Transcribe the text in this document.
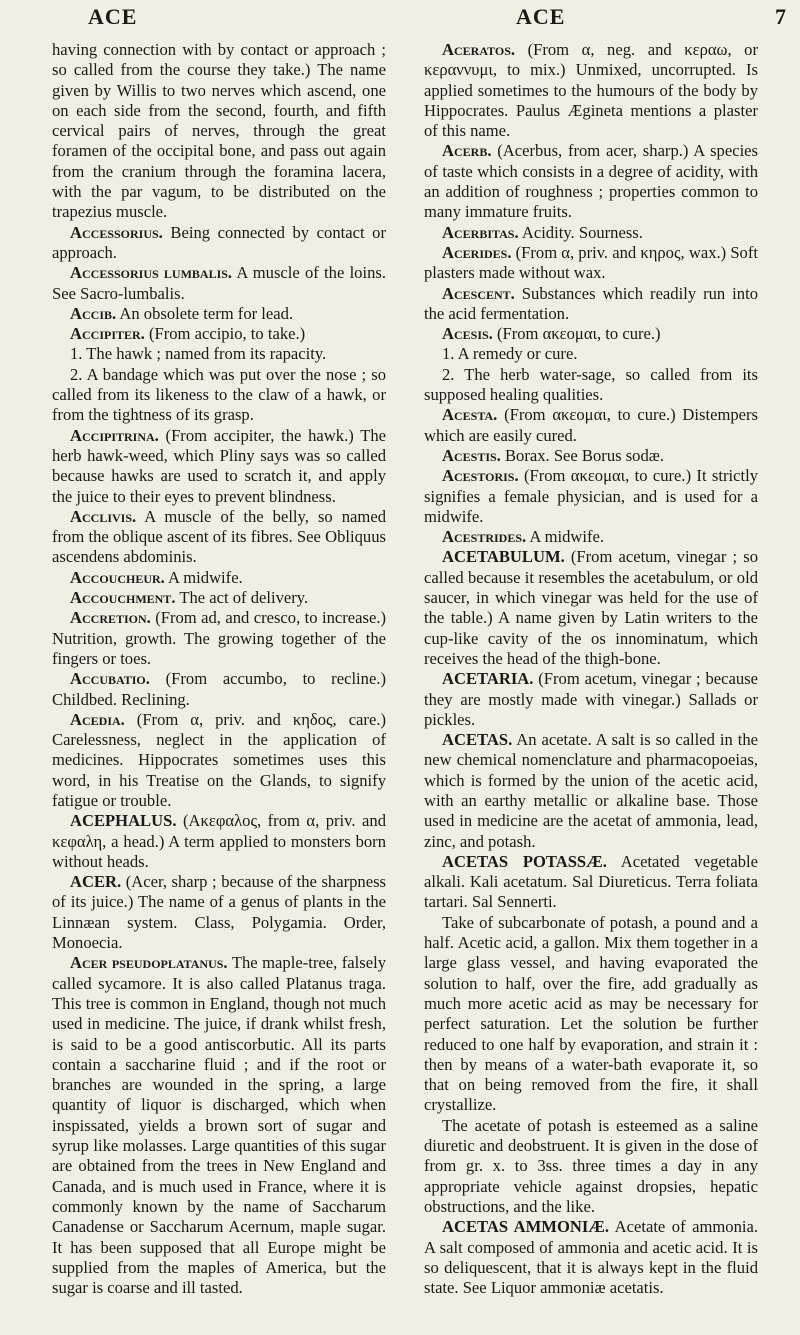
ACE	ACE	7

having connection with by contact or approach ; so called from the course they take.) The name given by Willis to two nerves which ascend, one on each side from the second, fourth, and fifth cervical pairs of nerves, through the great foramen of the occipital bone, and pass out again from the cranium through the foramina lacera, with the par vagum, to be distributed on the trapezius muscle.

Accessorius. Being connected by contact or approach.

Accessorius lumbalis. A muscle of the loins. See Sacro-lumbalis.

Accib. An obsolete term for lead.

Accipiter. (From accipio, to take.)

1. The hawk ; named from its rapacity.

2. A bandage which was put over the nose ; so called from its likeness to the claw of a hawk, or from the tightness of its grasp.

Accipitrina. (From accipiter, the hawk.) The herb hawk-weed, which Pliny says was so called because hawks are used to scratch it, and apply the juice to their eyes to prevent blindness.

Acclivis. A muscle of the belly, so named from the oblique ascent of its fibres. See Obliquus ascendens abdominis.

Accoucheur. A midwife.

Accouchment. The act of delivery.

Accretion. (From ad, and cresco, to increase.) Nutrition, growth. The growing together of the fingers or toes.

Accubatio. (From accumbo, to recline.) Childbed. Reclining.

Acedia. (From α, priv. and κηδος, care.) Carelessness, neglect in the application of medicines. Hippocrates sometimes uses this word, in his Treatise on the Glands, to signify fatigue or trouble.

ACEPHALUS. (Ακεφαλος, from α, priv. and κεφαλη, a head.) A term applied to monsters born without heads.

ACER. (Acer, sharp ; because of the sharpness of its juice.) The name of a genus of plants in the Linnæan system. Class, Polygamia. Order, Monoecia.

Acer pseudoplatanus. The maple-tree, falsely called sycamore. It is also called Platanus traga. This tree is common in England, though not much used in medicine. The juice, if drank whilst fresh, is said to be a good antiscorbutic. All its parts contain a saccharine fluid ; and if the root or branches are wounded in the spring, a large quantity of liquor is discharged, which when inspissated, yields a brown sort of sugar and syrup like molasses. Large quantities of this sugar are obtained from the trees in New England and Canada, and is much used in France, where it is commonly known by the name of Saccharum Canadense or Saccharum Acernum, maple sugar. It has been supposed that all Europe might be supplied from the maples of America, but the sugar is coarse and ill tasted.

Aceratos. (From α, neg. and κεραω, or κεραννυμι, to mix.) Unmixed, uncorrupted. Is applied sometimes to the humours of the body by Hippocrates. Paulus Æginetа mentions a plaster of this name.

Acerb. (Acerbus, from acer, sharp.) A species of taste which consists in a degree of acidity, with an addition of roughness ; properties common to many immature fruits.

Acerbitas. Acidity. Sourness.

Acerides. (From α, priv. and κηρος, wax.) Soft plasters made without wax.

Acescent. Substances which readily run into the acid fermentation.

Acesis. (From ακεομαι, to cure.)

1. A remedy or cure.

2. The herb water-sage, so called from its supposed healing qualities.

Acesta. (From ακεομαι, to cure.) Distempers which are easily cured.

Acestis. Borax. See Borus sodæ.

Acestoris. (From ακεομαι, to cure.) It strictly signifies a female physician, and is used for a midwife.

Acestrides. A midwife.

ACETABULUM. (From acetum, vinegar ; so called because it resembles the acetabulum, or old saucer, in which vinegar was held for the use of the table.) A name given by Latin writers to the cup-like cavity of the os innominatum, which receives the head of the thigh-bone.

ACETARIA. (From acetum, vinegar ; because they are mostly made with vinegar.) Sallads or pickles.

ACETAS. An acetate. A salt is so called in the new chemical nomenclature and pharmacopoeias, which is formed by the union of the acetic acid, with an earthy metallic or alkaline base. Those used in medicine are the acetat of ammonia, lead, zinc, and potash.

ACETAS POTASSÆ. Acetated vegetable alkali. Kali acetatum. Sal Diureticus. Terra foliata tartari. Sal Sennerti.

Take of subcarbonate of potash, a pound and a half. Acetic acid, a gallon. Mix them together in a large glass vessel, and having evaporated the solution to half, over the fire, add gradually as much more acetic acid as may be necessary for perfect saturation. Let the solution be further reduced to one half by evaporation, and strain it : then by means of a water-bath evaporate it, so that on being removed from the fire, it shall crystallize.

The acetate of potash is esteemed as a saline diuretic and deobstruent. It is given in the dose of from gr. x. to 3ss. three times a day in any appropriate vehicle against dropsies, hepatic obstructions, and the like.

ACETAS AMMONIÆ. Acetate of ammonia. A salt composed of ammonia and acetic acid. It is so deliquescent, that it is always kept in the fluid state. See Liquor ammoniæ acetatis.
